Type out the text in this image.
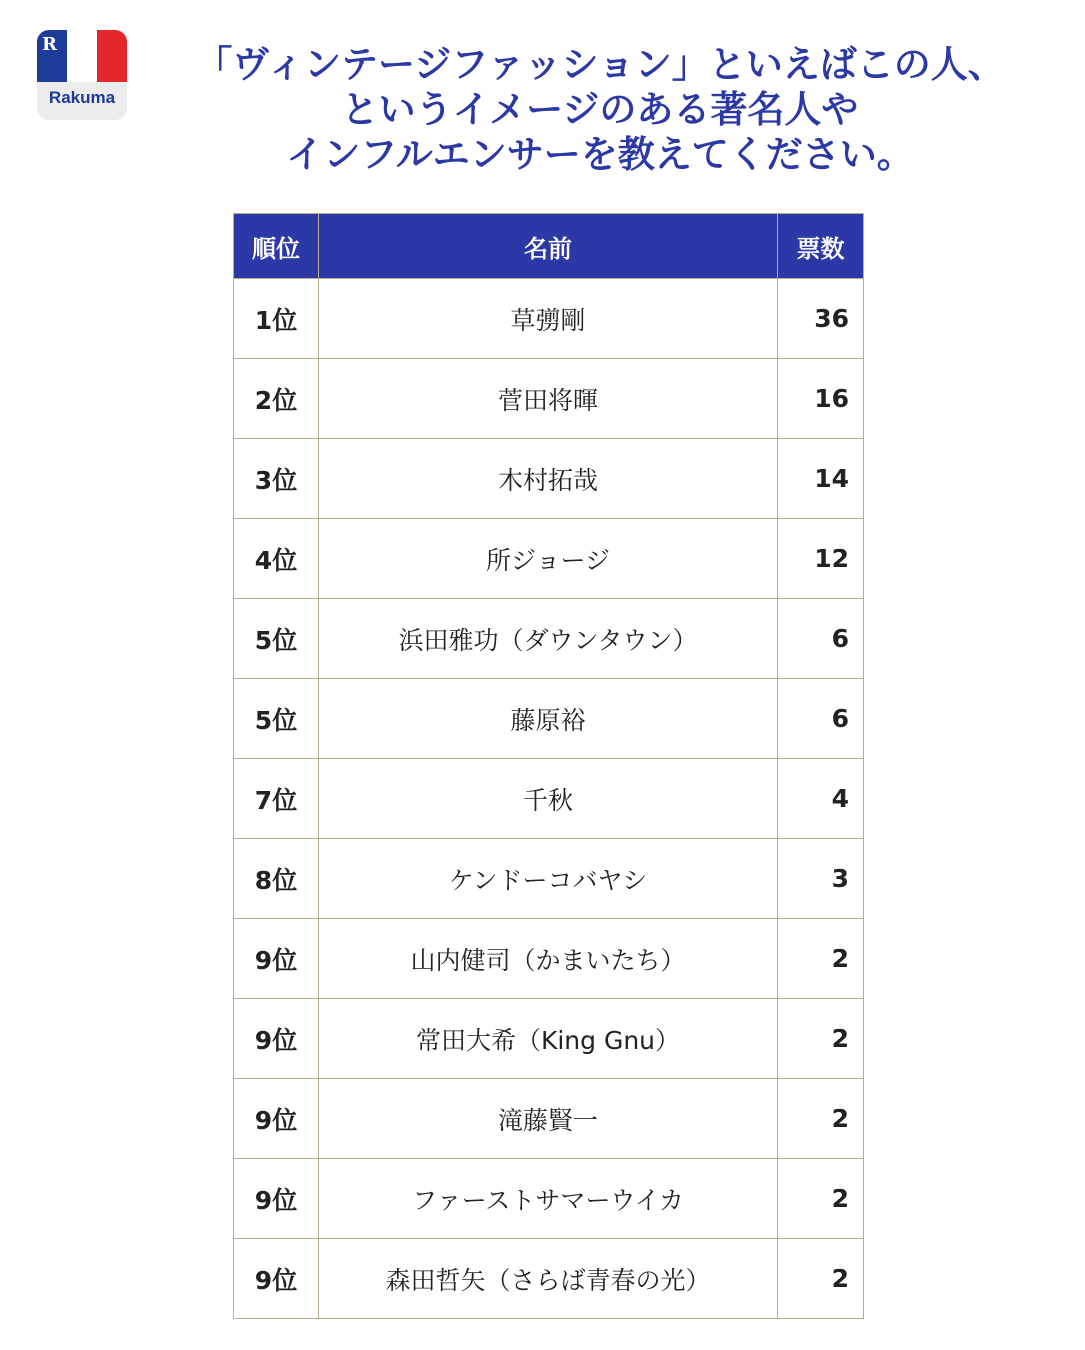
R
Rakuma
「ヴィンテージファッション」といえばこの人、
というイメージのある著名人や
インフルエンサーを教えてください。
順位	名前	票数
1位	草彅剛	36
2位	菅田将暉	16
3位	木村拓哉	14
4位	所ジョージ	12
5位	浜田雅功（ダウンタウン）	6
5位	藤原裕	6
7位	千秋	4
8位	ケンドーコバヤシ	3
9位	山内健司（かまいたち）	2
9位	常田大希（King Gnu）	2
9位	滝藤賢一	2
9位	ファーストサマーウイカ	2
9位	森田哲矢（さらば青春の光）	2
